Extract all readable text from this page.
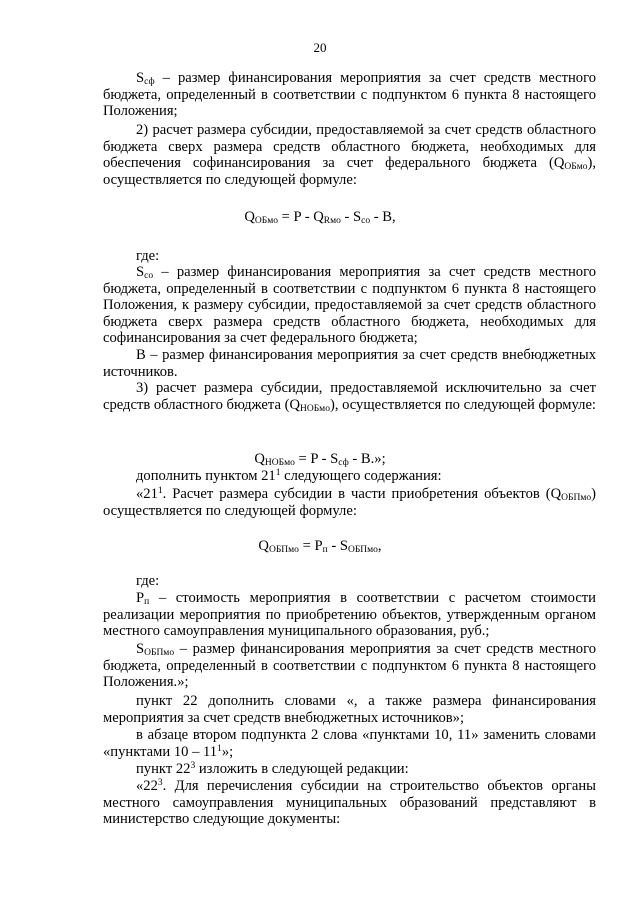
20

$S_{сф}$ – размер финансирования мероприятия за счет средств местного бюджета, определенный в соответствии с подпунктом 6 пункта 8 настоящего Положения;

2) расчет размера субсидии, предоставляемой за счет средств областного бюджета сверх размера средств областного бюджета, необходимых для обеспечения софинансирования за счет федерального бюджета $(Q_{ОБмо})$, осуществляется по следующей формуле:

$Q_{ОБмо} = P - Q_{Rмо} - S_{со} - B$,

где:

$S_{со}$ – размер финансирования мероприятия за счет средств местного бюджета, определенный в соответствии с подпунктом 6 пункта 8 настоящего Положения, к размеру субсидии, предоставляемой за счет средств областного бюджета сверх размера средств областного бюджета, необходимых для софинансирования за счет федерального бюджета;

B – размер финансирования мероприятия за счет средств внебюджетных источников.

3) расчет размера субсидии, предоставляемой исключительно за счет средств областного бюджета $(Q_{НОБмо})$, осуществляется по следующей формуле:

$Q_{НОБмо} = P - S_{сф} - B$.»;

дополнить пунктом $21^1$ следующего содержания:

«$21^1$. Расчет размера субсидии в части приобретения объектов $(Q_{ОБПмо})$ осуществляется по следующей формуле:

$Q_{ОБПмо} = P_п - S_{ОБПмо}$,

где:

$P_п$ – стоимость мероприятия в соответствии с расчетом стоимости реализации мероприятия по приобретению объектов, утвержденным органом местного самоуправления муниципального образования, руб.;

$S_{ОБПмо}$ – размер финансирования мероприятия за счет средств местного бюджета, определенный в соответствии с подпунктом 6 пункта 8 настоящего Положения.»;

пункт 22 дополнить словами «, а также размера финансирования мероприятия за счет средств внебюджетных источников»;

в абзаце втором подпункта 2 слова «пунктами 10, 11» заменить словами «пунктами $10 - 11^1$»;

пункт $22^3$ изложить в следующей редакции:

«$22^3$. Для перечисления субсидии на строительство объектов органы местного самоуправления муниципальных образований представляют в министерство следующие документы:
